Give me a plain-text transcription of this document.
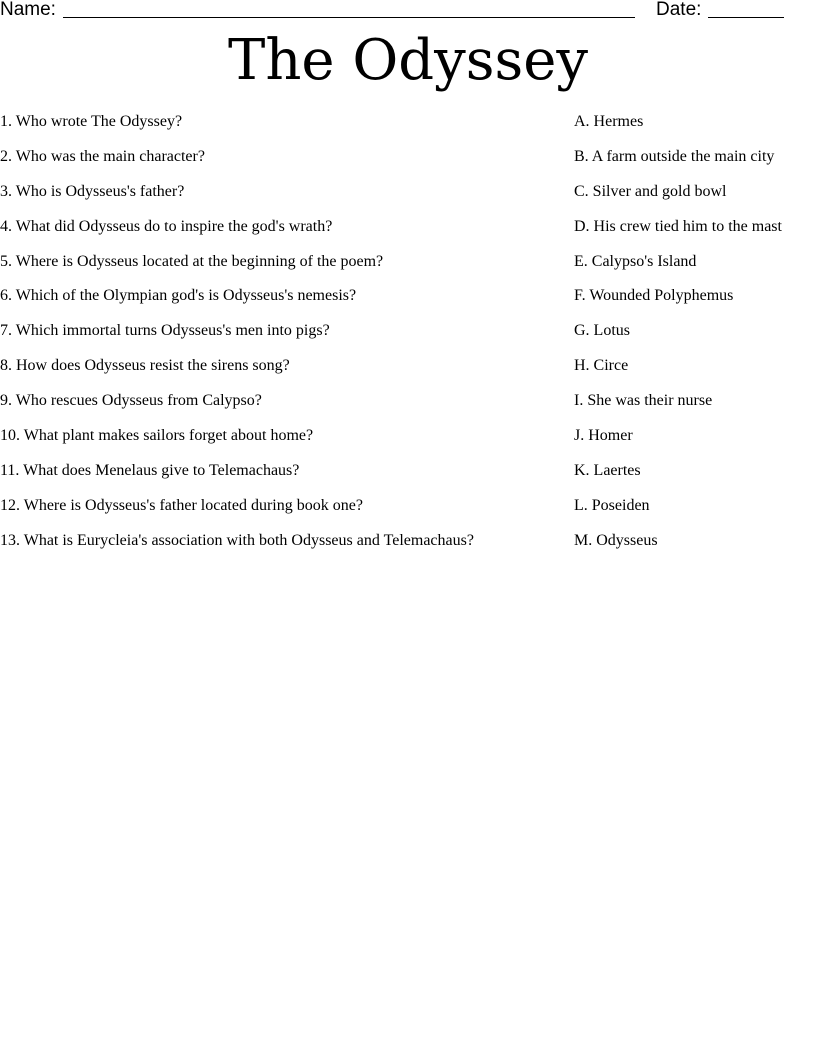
Name:	Date:
The Odyssey
1. Who wrote The Odyssey?
2. Who was the main character?
3. Who is Odysseus's father?
4. What did Odysseus do to inspire the god's wrath?
5. Where is Odysseus located at the beginning of the poem?
6. Which of the Olympian god's is Odysseus's nemesis?
7. Which immortal turns Odysseus's men into pigs?
8. How does Odysseus resist the sirens song?
9. Who rescues Odysseus from Calypso?
10. What plant makes sailors forget about home?
11. What does Menelaus give to Telemachaus?
12. Where is Odysseus's father located during book one?
13. What is Eurycleia's association with both Odysseus and Telemachaus?
A. Hermes
B. A farm outside the main city
C. Silver and gold bowl
D. His crew tied him to the mast
E. Calypso's Island
F. Wounded Polyphemus
G. Lotus
H. Circe
I. She was their nurse
J. Homer
K. Laertes
L. Poseiden
M. Odysseus
